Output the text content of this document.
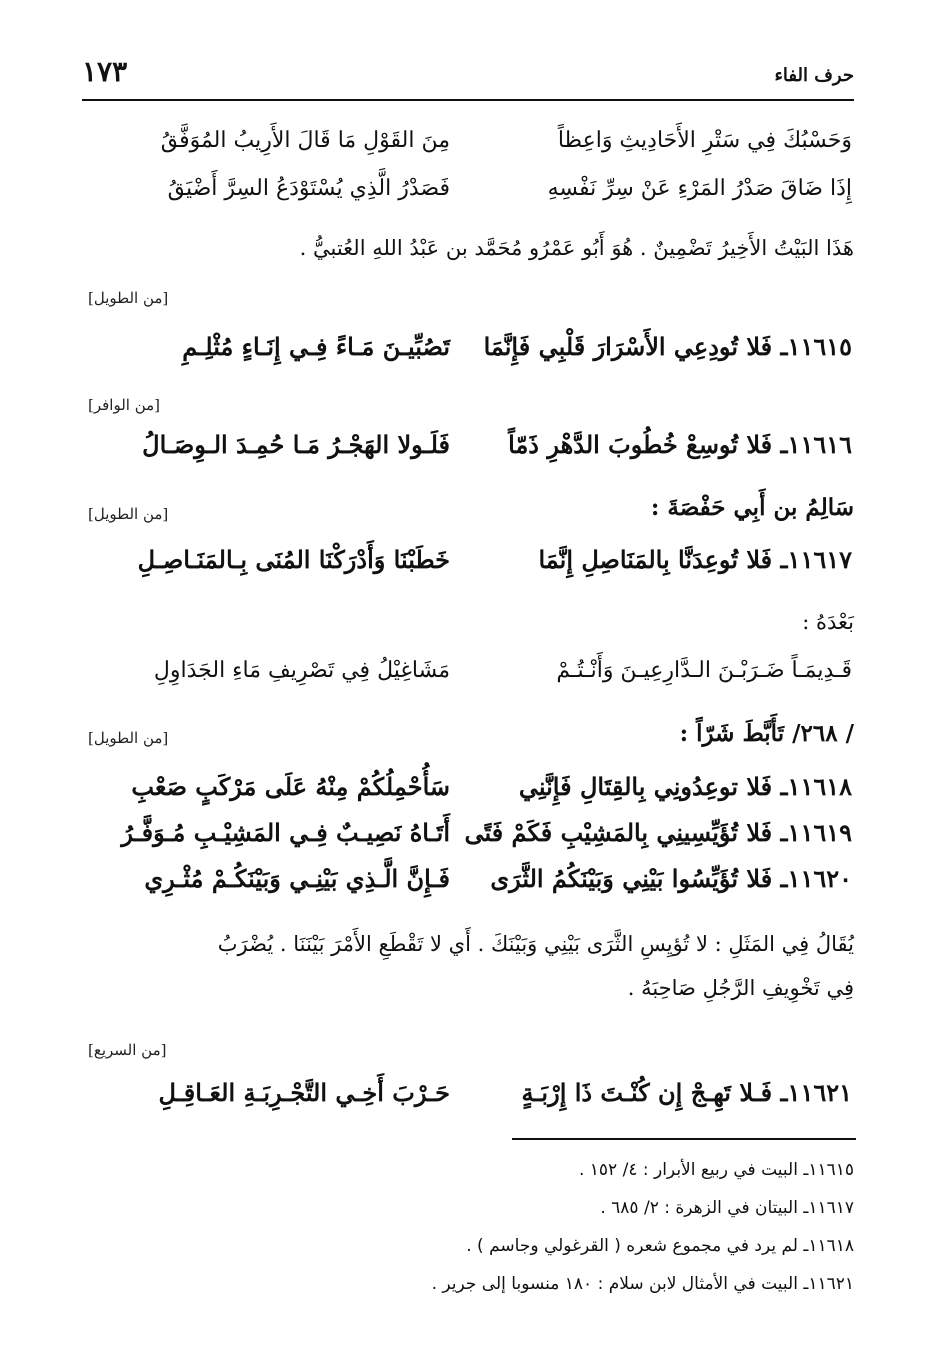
حرف الفاء
١٧٣
وَحَسْبُكَ فِي سَتْرِ الأَحَادِيثِ وَاعِظاً
مِنَ القَوْلِ مَا قَالَ الأَرِيبُ المُوَفَّقُ
إِذَا ضَاقَ صَدْرُ المَرْءِ عَنْ سِرِّ نَفْسِهِ
فَصَدْرُ الَّذِي يُسْتَوْدَعُ السِرَّ أَضْيَقُ
هَذَا البَيْتُ الأَخِيرُ تَضْمِينٌ . هُوَ أَبُو عَمْرُو مُحَمَّد بن عَبْدُ اللهِ العُتبيُّ .
[من الطويل]
١١٦١٥ـ فَلا تُودِعِي الأَسْرَارَ قَلْبِي فَإِنَّمَا
تَصُبِّيـنَ مَـاءً فِـي إِنَـاءٍ مُثْلِـمِ
[من الوافر]
١١٦١٦ـ فَلا تُوسِعْ خُطُوبَ الدَّهْرِ ذَمّاً
فَلَـولا الهَجْـرُ مَـا حُمِـدَ الـوِصَـالُ
سَالِمُ بن أَبِي حَفْصَةَ :
[من الطويل]
١١٦١٧ـ فَلا تُوعِدَنَّا بِالمَنَاصِلِ إِنَّمَا
خَطَبْنَا وَأَدْرَكْنَا المُنَى بِـالمَنَـاصِـلِ
بَعْدَهُ :
قَـدِيمَـاً ضَـرَبْـنَ الـدَّارِعِيـنَ وَأَنْـتُـمْ
مَشَاغِيْلُ فِي تَصْرِيفِ مَاءِ الجَدَاوِلِ
/ ٢٦٨/ تَأَبَّطَ شَرّاً :
[من الطويل]
١١٦١٨ـ فَلا توعِدُونِي بِالقِتَالِ فَإِنَّنِي
سَأُحْمِلُكُمْ مِنْهُ عَلَى مَرْكَبٍ صَعْبِ
١١٦١٩ـ فَلا تُؤَيِّسِينِي بِالمَشِيْبِ فَكَمْ فَتًى
أَتَـاهُ نَصِيـبٌ فِـي المَشِيْـبِ مُـوَفَّـرُ
١١٦٢٠ـ فَلا تُؤَيِّسُوا بَيْنِي وَبَيْنَكُمُ الثَّرَى
فَـإِنَّ الَّـذِي بَيْنِـي وَبَيْنَكُـمْ مُثْـرِي
يُقَالُ فِي المَثَلِ : لا تُؤيِسِ الثَّرَى بَيْنِي وَبَيْنَكَ . أَي لا تَقْطَعِ الأَمْرَ بَيْنَنَا . يُضْرَبُ
فِي تَخْوِيفِ الرَّجُلِ صَاحِبَهُ .
[من السريع]
١١٦٢١ـ فَـلا تَهِـجْ إِن كُنْـتَ ذَا إِرْبَـةٍ
حَـرْبَ أَخِـي التَّجْـرِبَـةِ العَـاقِـلِ
١١٦١٥ـ البيت في ربيع الأبرار : ٤/ ١٥٢ .
١١٦١٧ـ البيتان في الزهرة : ٢/ ٦٨٥ .
١١٦١٨ـ لم يرد في مجموع شعره ( القرغولي وجاسم ) .
١١٦٢١ـ البيت في الأمثال لابن سلام : ١٨٠ منسوبا إلى جرير .
